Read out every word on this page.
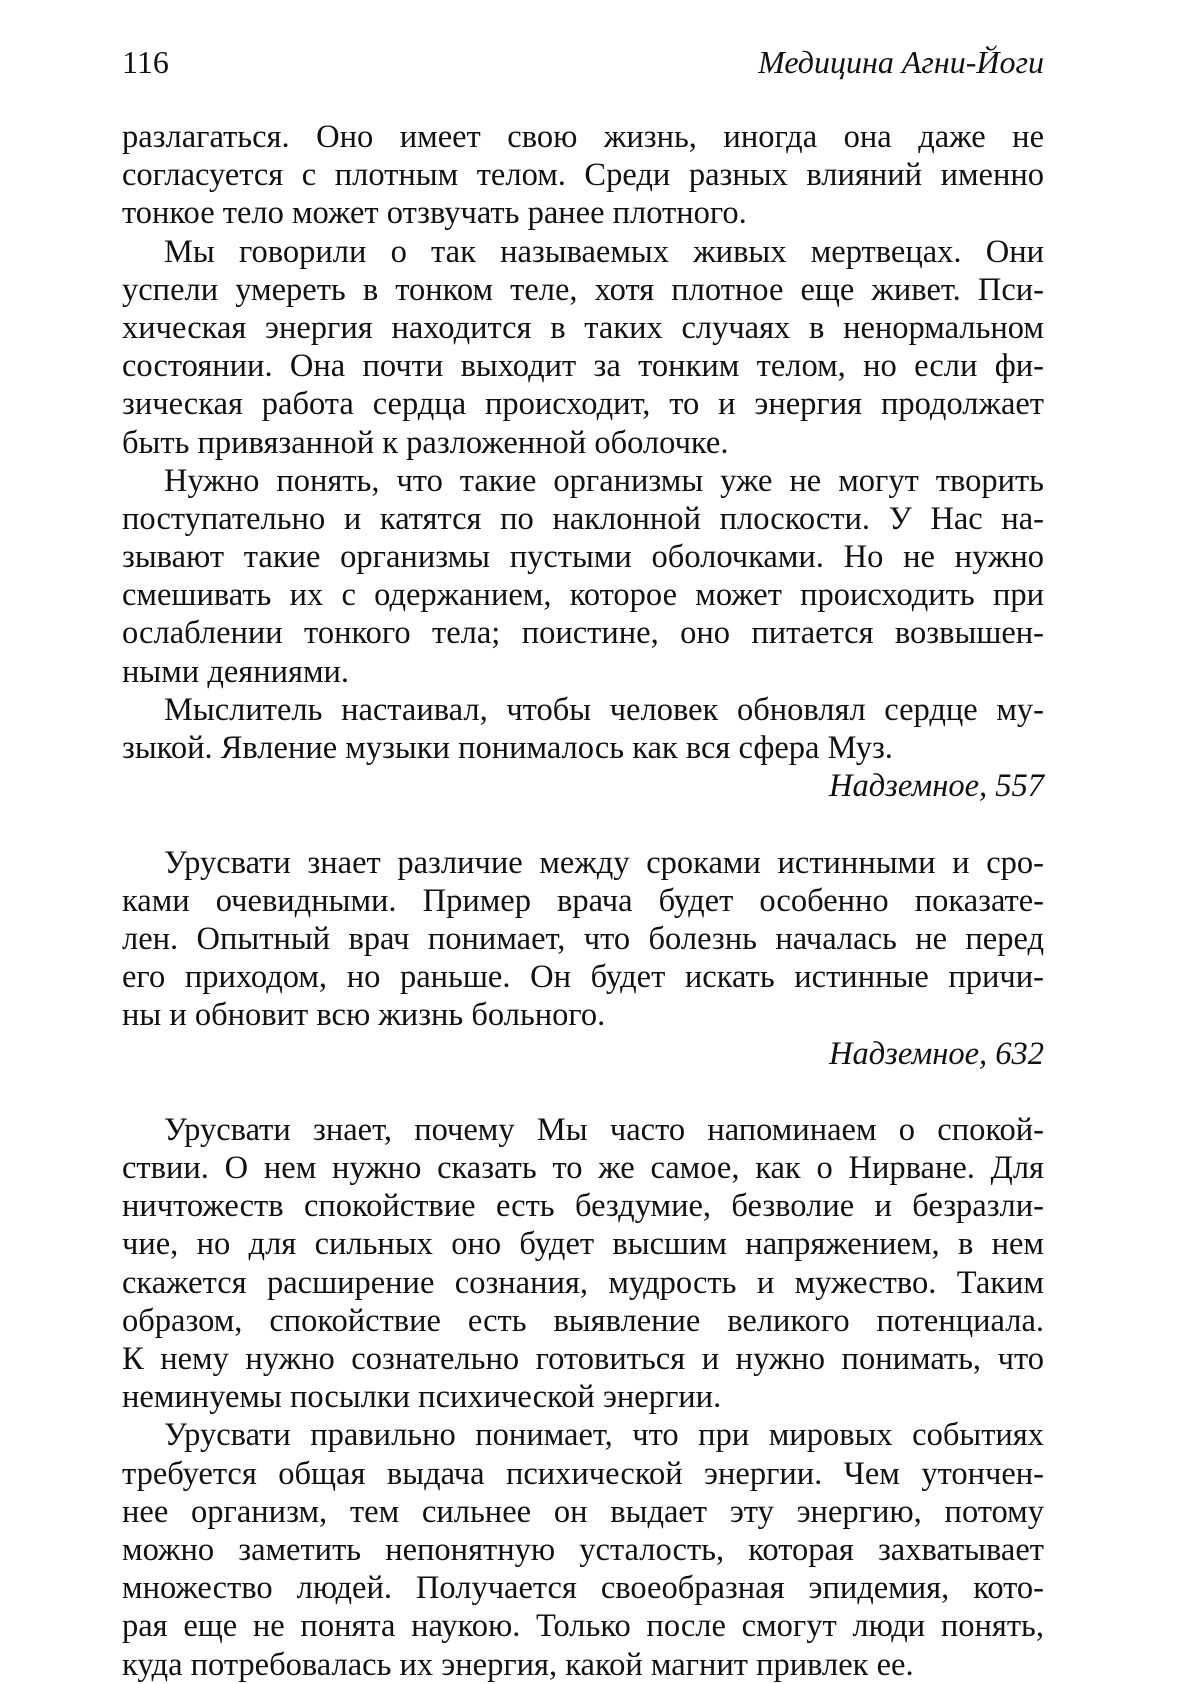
116	Медицина Агни-Йоги
разлагаться. Оно имеет свою жизнь, иногда она даже не
согласуется с плотным телом. Среди разных влияний именно
тонкое тело может отзвучать ранее плотного.
Мы говорили о так называемых живых мертвецах. Они
успели умереть в тонком теле, хотя плотное еще живет. Пси-
хическая энергия находится в таких случаях в ненормальном
состоянии. Она почти выходит за тонким телом, но если фи-
зическая работа сердца происходит, то и энергия продолжает
быть привязанной к разложенной оболочке.
Нужно понять, что такие организмы уже не могут творить
поступательно и катятся по наклонной плоскости. У Нас на-
зывают такие организмы пустыми оболочками. Но не нужно
смешивать их с одержанием, которое может происходить при
ослаблении тонкого тела; поистине, оно питается возвышен-
ными деяниями.
Мыслитель настаивал, чтобы человек обновлял сердце му-
зыкой. Явление музыки понималось как вся сфера Муз.
Надземное, 557
Урусвати знает различие между сроками истинными и сро-
ками очевидными. Пример врача будет особенно показате-
лен. Опытный врач понимает, что болезнь началась не перед
его приходом, но раньше. Он будет искать истинные причи-
ны и обновит всю жизнь больного.
Надземное, 632
Урусвати знает, почему Мы часто напоминаем о спокой-
ствии. О нем нужно сказать то же самое, как о Нирване. Для
ничтожеств спокойствие есть бездумие, безволие и безразли-
чие, но для сильных оно будет высшим напряжением, в нем
скажется расширение сознания, мудрость и мужество. Таким
образом, спокойствие есть выявление великого потенциала.
К нему нужно сознательно готовиться и нужно понимать, что
неминуемы посылки психической энергии.
Урусвати правильно понимает, что при мировых событиях
требуется общая выдача психической энергии. Чем утончен-
нее организм, тем сильнее он выдает эту энергию, потому
можно заметить непонятную усталость, которая захватывает
множество людей. Получается своеобразная эпидемия, кото-
рая еще не понята наукою. Только после смогут люди понять,
куда потребовалась их энергия, какой магнит привлек ее.
